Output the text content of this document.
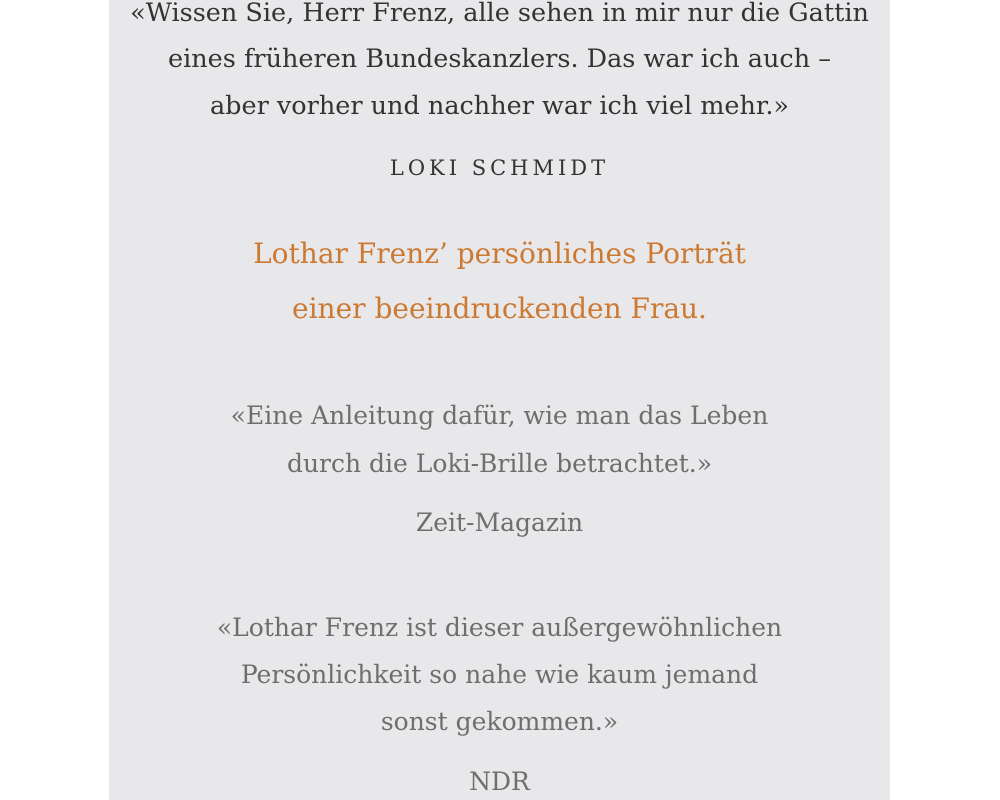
«Wissen Sie, Herr Frenz, alle sehen in mir nur die Gattin
eines früheren Bundeskanzlers. Das war ich auch –
aber vorher und nachher war ich viel mehr.»
LOKI SCHMIDT
Lothar Frenz’ persönliches Porträt
einer beeindruckenden Frau.
«Eine Anleitung dafür, wie man das Leben
durch die Loki-Brille betrachtet.»
Zeit-Magazin
«Lothar Frenz ist dieser außergewöhnlichen
Persönlichkeit so nahe wie kaum jemand
sonst gekommen.»
NDR
